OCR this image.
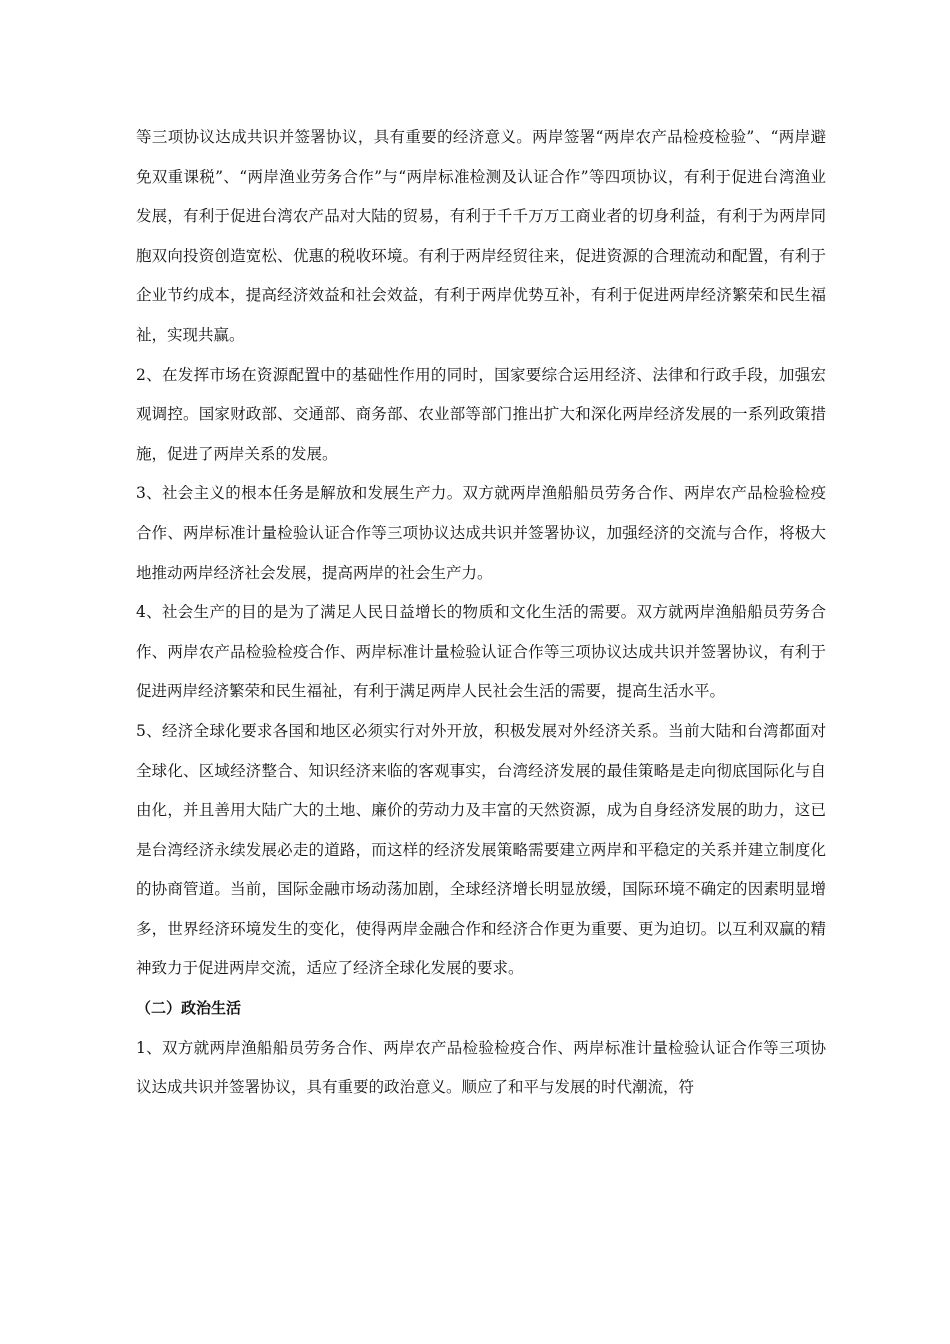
等三项协议达成共识并签署协议，具有重要的经济意义。两岸签署“两岸农产品检疫检验”、“两岸避免双重课税”、“两岸渔业劳务合作”与“两岸标准检测及认证合作”等四项协议，有利于促进台湾渔业发展，有利于促进台湾农产品对大陆的贸易，有利于千千万万工商业者的切身利益，有利于为两岸同胞双向投资创造宽松、优惠的税收环境。有利于两岸经贸往来，促进资源的合理流动和配置，有利于企业节约成本，提高经济效益和社会效益，有利于两岸优势互补，有利于促进两岸经济繁荣和民生福祉，实现共赢。

2、在发挥市场在资源配置中的基础性作用的同时，国家要综合运用经济、法律和行政手段，加强宏观调控。国家财政部、交通部、商务部、农业部等部门推出扩大和深化两岸经济发展的一系列政策措施，促进了两岸关系的发展。

3、社会主义的根本任务是解放和发展生产力。双方就两岸渔船船员劳务合作、两岸农产品检验检疫合作、两岸标准计量检验认证合作等三项协议达成共识并签署协议，加强经济的交流与合作，将极大地推动两岸经济社会发展，提高两岸的社会生产力。

4、社会生产的目的是为了满足人民日益增长的物质和文化生活的需要。双方就两岸渔船船员劳务合作、两岸农产品检验检疫合作、两岸标准计量检验认证合作等三项协议达成共识并签署协议，有利于促进两岸经济繁荣和民生福祉，有利于满足两岸人民社会生活的需要，提高生活水平。

5、经济全球化要求各国和地区必须实行对外开放，积极发展对外经济关系。当前大陆和台湾都面对全球化、区域经济整合、知识经济来临的客观事实，台湾经济发展的最佳策略是走向彻底国际化与自由化，并且善用大陆广大的土地、廉价的劳动力及丰富的天然资源，成为自身经济发展的助力，这已是台湾经济永续发展必走的道路，而这样的经济发展策略需要建立两岸和平稳定的关系并建立制度化的协商管道。当前，国际金融市场动荡加剧，全球经济增长明显放缓，国际环境不确定的因素明显增多，世界经济环境发生的变化，使得两岸金融合作和经济合作更为重要、更为迫切。以互利双赢的精神致力于促进两岸交流，适应了经济全球化发展的要求。

（二）政治生活

1、双方就两岸渔船船员劳务合作、两岸农产品检验检疫合作、两岸标准计量检验认证合作等三项协议达成共识并签署协议，具有重要的政治意义。顺应了和平与发展的时代潮流，符
